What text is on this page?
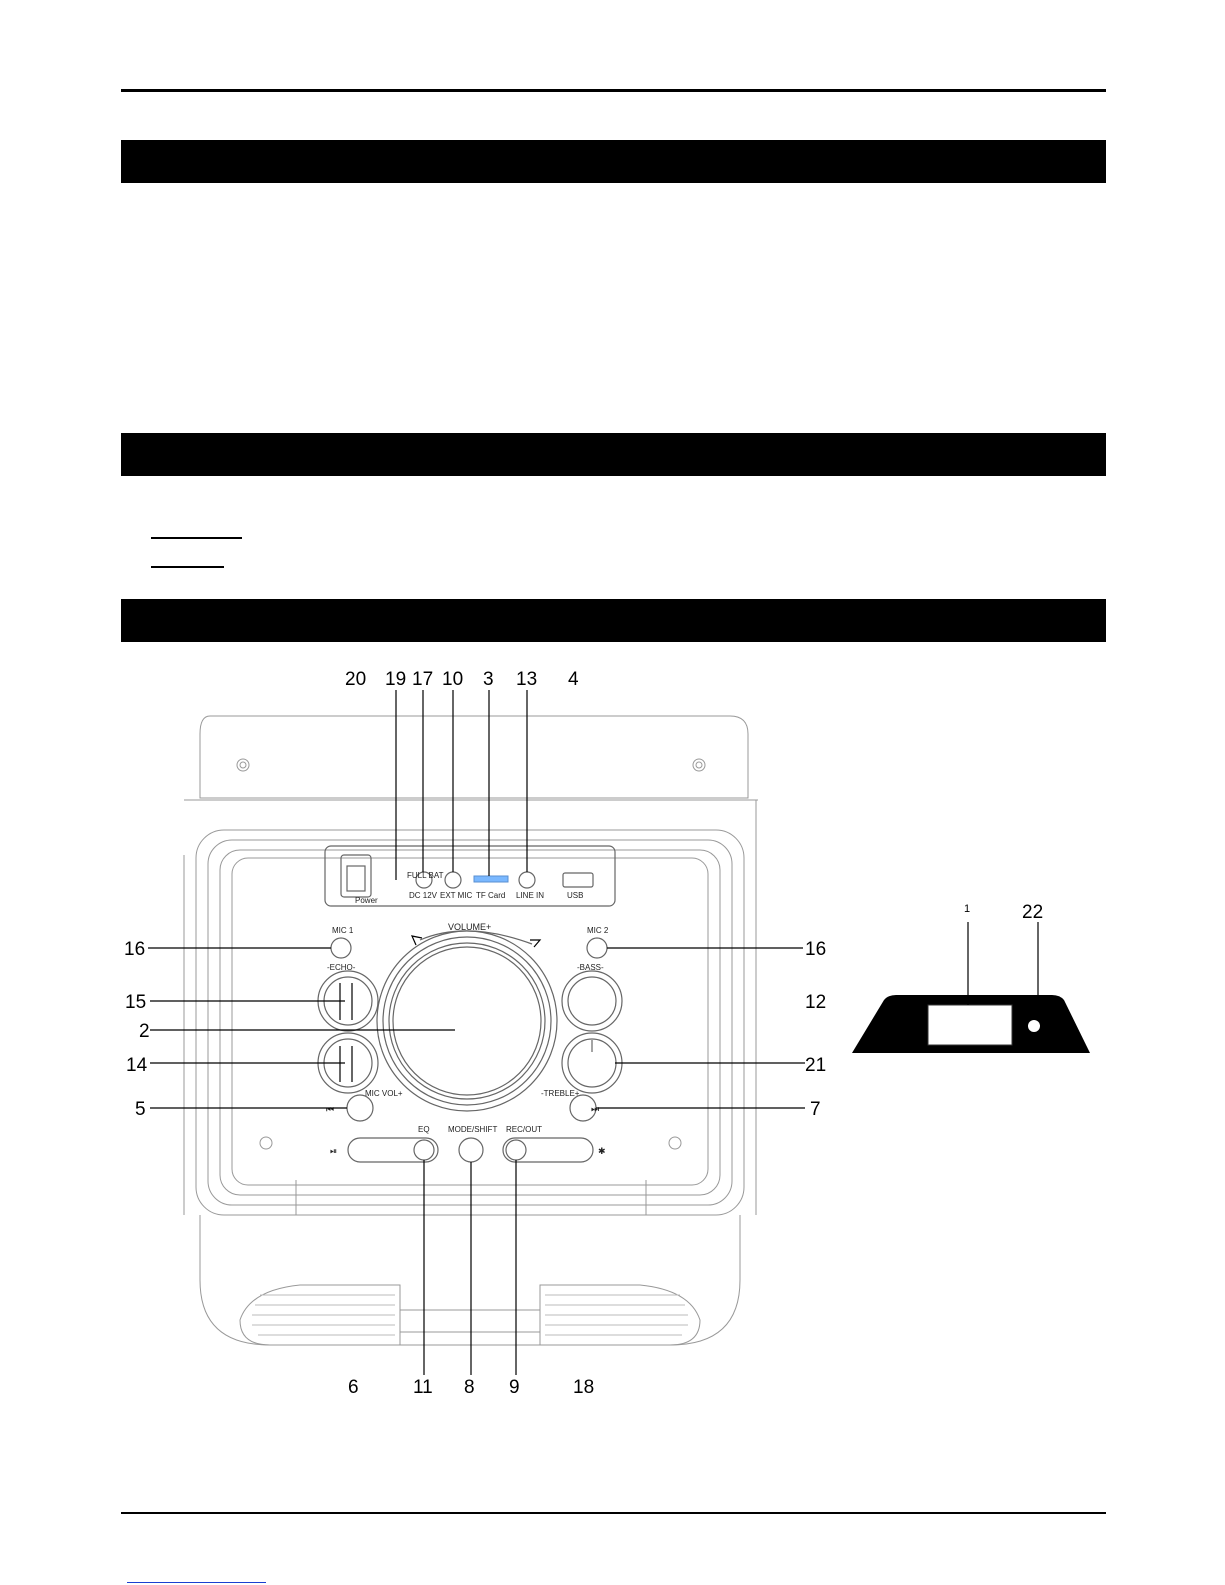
FULL BAT
DC 12V EXT MIC TF Card LINE IN	USB
Power
VOLUME+
MIC 1	MIC 2
-ECHO-	-BASS-
MIC VOL+	-TREBLE+
EQ MODE/SHIFT REC/OUT
⏮	⏭
⏯	✱
20 19 17 10 3 13 4
16
15
2
14
5
16
12
21
7
6	11 8 9	18
1	22
